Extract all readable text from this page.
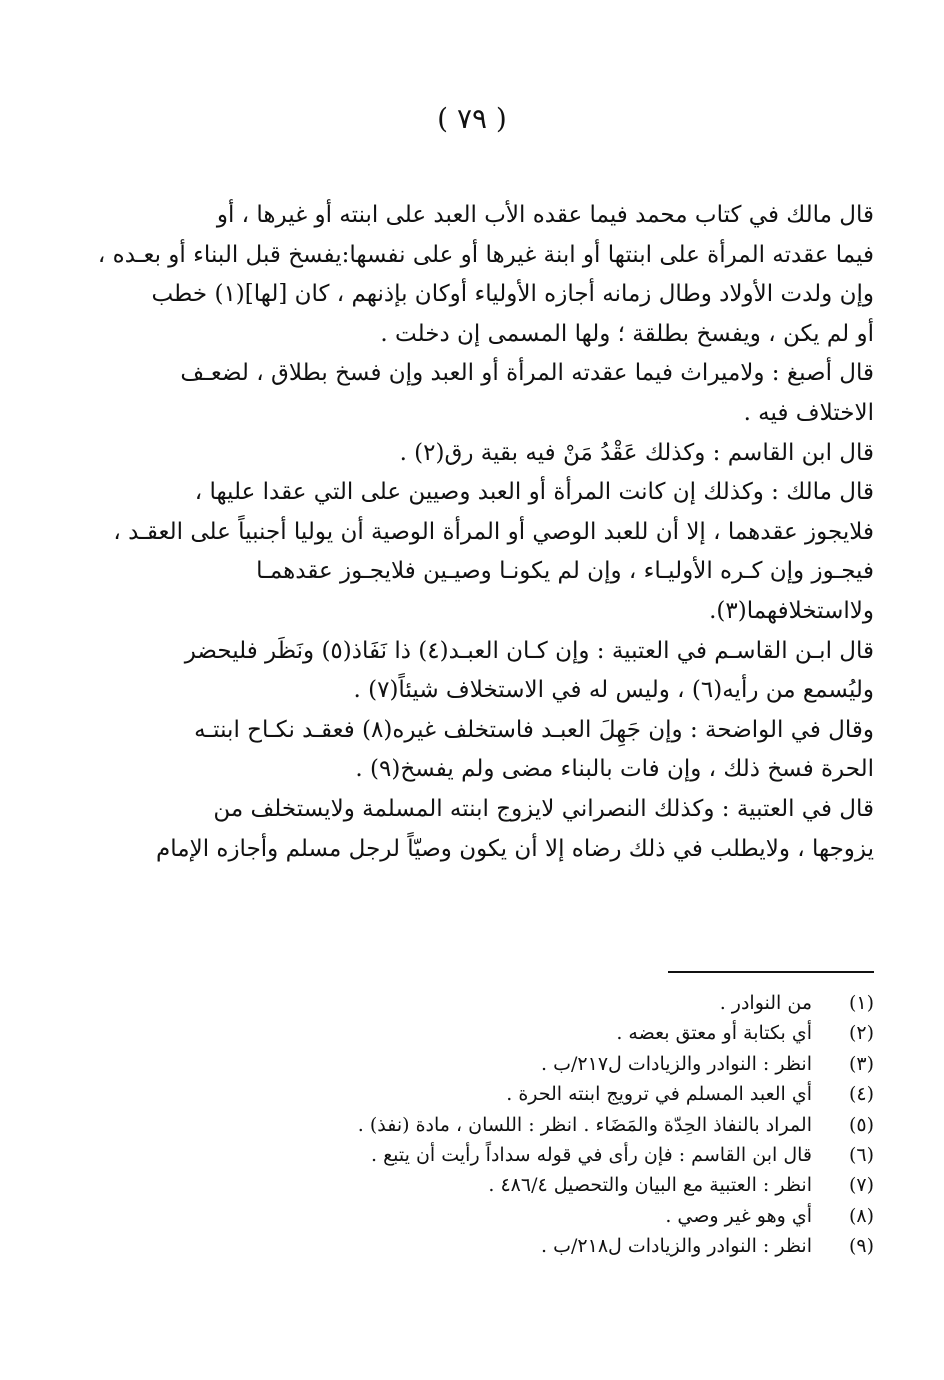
( ٧٩ )
قال مالك في كتاب محمد فيما عقده الأب العبد على ابنته أو غيرها ، أو
فيما عقدته المرأة على ابنتها أو ابنة غيرها أو على نفسها:يفسخ قبل البناء أو بعـده ،
وإن ولدت الأولاد وطال زمانه أجازه الأولياء أوكان بإذنهم ، كان [لها](١) خطب
أو لم يكن ، ويفسخ بطلقة ؛ ولها المسمى إن دخلت .
قال أصبغ : ولاميراث فيما عقدته المرأة أو العبد وإن فسخ بطلاق ، لضعـف
الاختلاف فيه .
قال ابن القاسم : وكذلك عَقْدُ مَنْ فيه بقية رق(٢) .
قال مالك : وكذلك إن كانت المرأة أو العبد وصيين على التي عقدا عليها ،
فلايجوز عقدهما ، إلا أن للعبد الوصي أو المرأة الوصية أن يوليا أجنبياً على العقـد ،
فيجـوز وإن كـره الأوليـاء ، وإن لم يكونـا وصيـين فلايجـوز عقدهمـا
ولااستخلافهما(٣).
قال ابـن القاسـم في العتبية : وإن كـان العبـد(٤) ذا نَفَاذ(٥) ونَظَر فليحضر
وليُسمع من رأيه(٦) ، وليس له في الاستخلاف شيئاً(٧) .
وقال في الواضحة : وإن جَهِلَ العبـد فاستخلف غيره(٨) فعقـد نكـاح ابنتـه
الحرة فسخ ذلك ، وإن فات بالبناء مضى ولم يفسخ(٩) .
قال في العتبية : وكذلك النصراني لايزوج ابنته المسلمة ولايستخلف من
يزوجها ، ولايطلب في ذلك رضاه إلا أن يكون وصيّاً لرجل مسلم وأجازه الإمام
(١)
من النوادر .
(٢)
أي بكتابة أو معتق بعضه .
(٣)
انظر : النوادر والزيادات ل٢١٧/ب .
(٤)
أي العبد المسلم في ترويج ابنته الحرة .
(٥)
المراد بالنفاذ الحِدّة والمَضَاء . انظر : اللسان ، مادة (نفذ) .
(٦)
قال ابن القاسم : فإن رأى في قوله سداداً رأيت أن يتبع .
(٧)
انظر : العتبية مع البيان والتحصيل ٤٨٦/٤ .
(٨)
أي وهو غير وصي .
(٩)
انظر : النوادر والزيادات ل٢١٨/ب .
